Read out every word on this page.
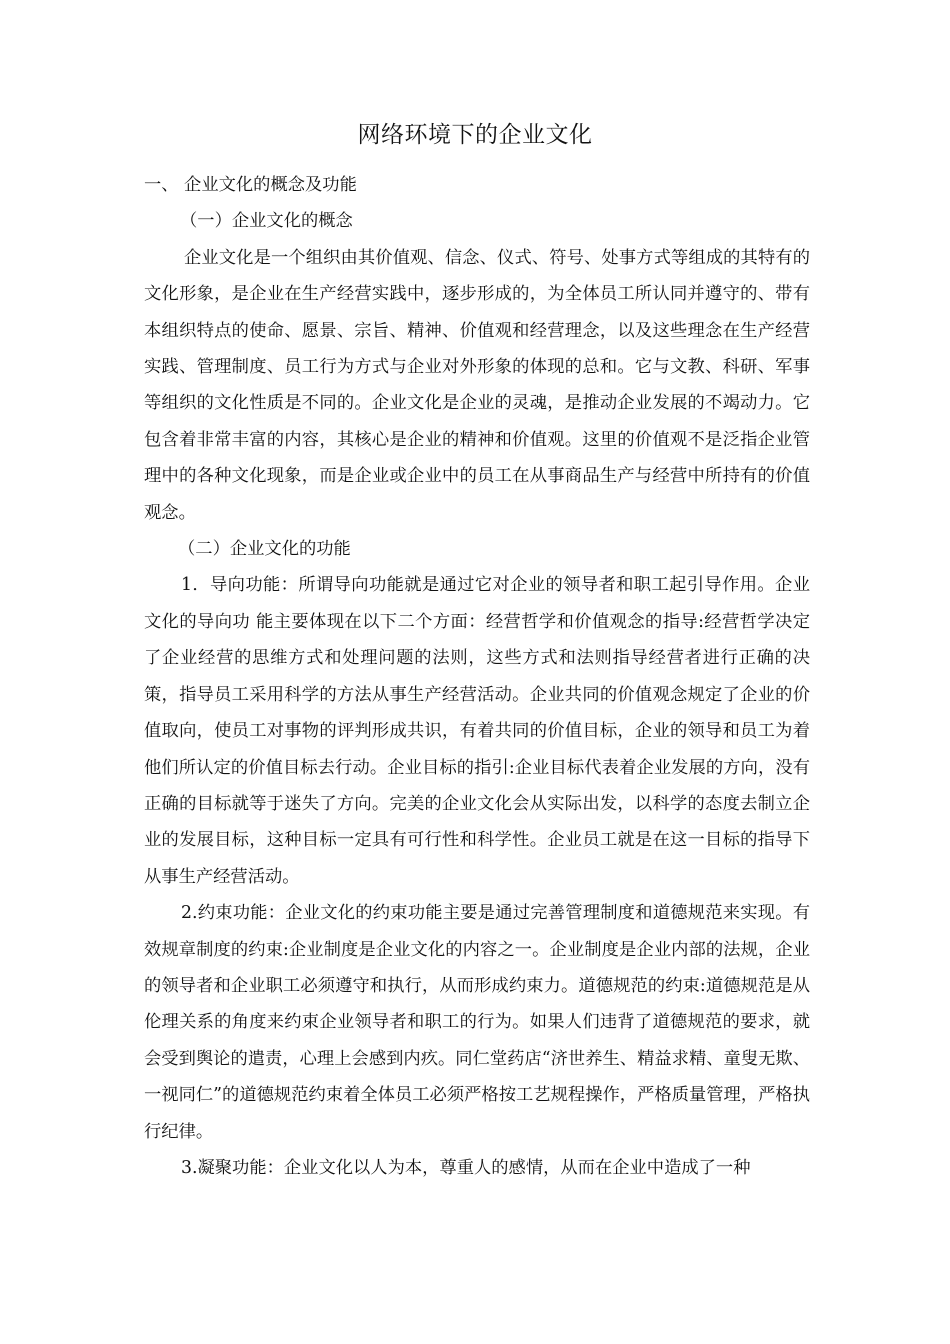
网络环境下的企业文化

一、 企业文化的概念及功能

（一）企业文化的概念

企业文化是一个组织由其价值观、信念、仪式、符号、处事方式等组成的其特有的文化形象，是企业在生产经营实践中，逐步形成的，为全体员工所认同并遵守的、带有本组织特点的使命、愿景、宗旨、精神、价值观和经营理念，以及这些理念在生产经营实践、管理制度、员工行为方式与企业对外形象的体现的总和。它与文教、科研、军事等组织的文化性质是不同的。企业文化是企业的灵魂，是推动企业发展的不竭动力。它包含着非常丰富的内容，其核心是企业的精神和价值观。这里的价值观不是泛指企业管理中的各种文化现象，而是企业或企业中的员工在从事商品生产与经营中所持有的价值观念。

（二）企业文化的功能

1．导向功能：所谓导向功能就是通过它对企业的领导者和职工起引导作用。企业文化的导向功 能主要体现在以下二个方面：经营哲学和价值观念的指导:经营哲学决定了企业经营的思维方式和处理问题的法则，这些方式和法则指导经营者进行正确的决策，指导员工采用科学的方法从事生产经营活动。企业共同的价值观念规定了企业的价值取向，使员工对事物的评判形成共识，有着共同的价值目标，企业的领导和员工为着他们所认定的价值目标去行动。企业目标的指引:企业目标代表着企业发展的方向，没有正确的目标就等于迷失了方向。完美的企业文化会从实际出发，以科学的态度去制立企业的发展目标，这种目标一定具有可行性和科学性。企业员工就是在这一目标的指导下从事生产经营活动。

2.约束功能：企业文化的约束功能主要是通过完善管理制度和道德规范来实现。有效规章制度的约束:企业制度是企业文化的内容之一。企业制度是企业内部的法规，企业的领导者和企业职工必须遵守和执行，从而形成约束力。道德规范的约束:道德规范是从伦理关系的角度来约束企业领导者和职工的行为。如果人们违背了道德规范的要求，就会受到舆论的遣责，心理上会感到内疚。同仁堂药店“济世养生、精益求精、童叟无欺、一视同仁”的道德规范约束着全体员工必须严格按工艺规程操作，严格质量管理，严格执行纪律。

3.凝聚功能：企业文化以人为本，尊重人的感情，从而在企业中造成了一种
